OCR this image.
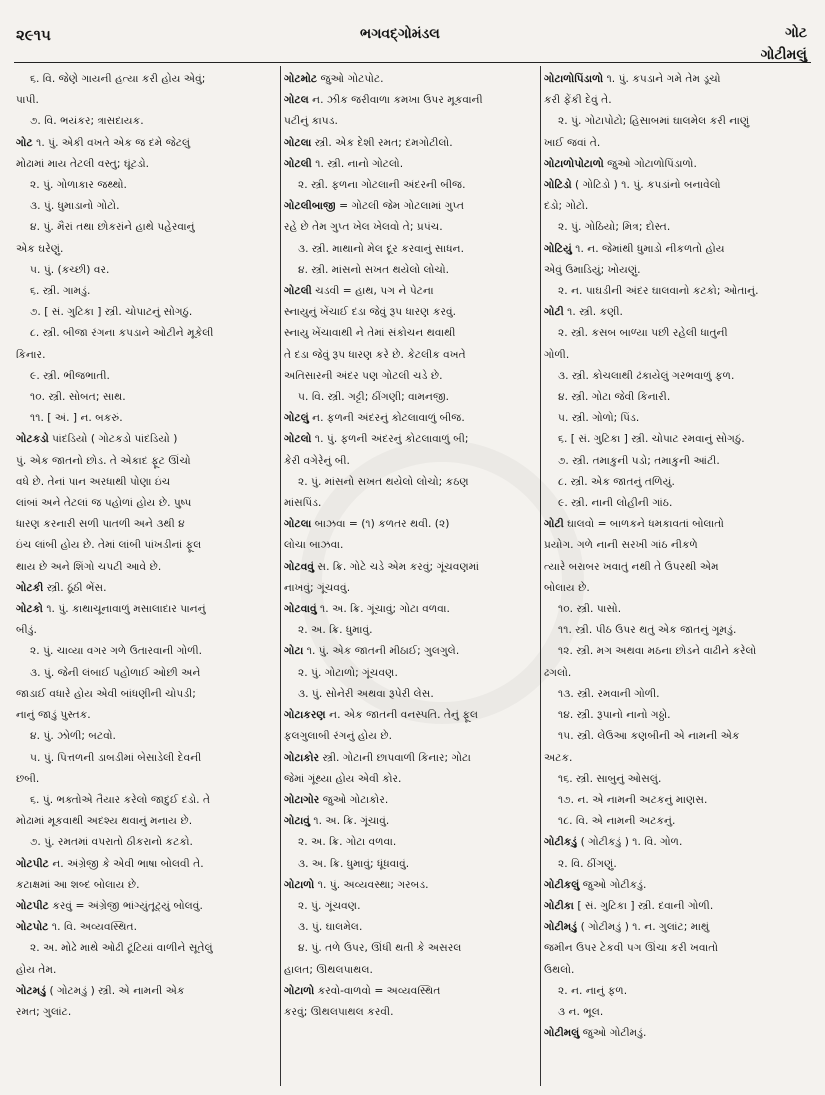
૨૯૧૫	ભગવદ્ગોમંડલ	ગોટ
ગોટીમલું
૬. વિ. જેણે ગાયની હત્યા કરી હોય એવું;
પાપી.
૭. વિ. ભયંકર; ત્રાસદાયક.
ગોટ ૧. પું. એકી વખતે એક જ દમે જેટલું
મોઢામાં માય તેટલી વસ્તુ; ઘૂંટડો.
૨. પું. ગોળાકાર જથ્થો.
૩. પું. ધુમાડાનો ગોટો.
૪. પું. મૈરાં તથા છોકરાંને હાથે પહેરવાનું
એક ઘરેણું.
૫. પું. (કચ્છી) વર.
૬. સ્ત્રી. ગામડું.
૭. [ સં. ગુટિકા ] સ્ત્રી. ચોપાટનું સોગઠું.
૮. સ્ત્રી. બીજા રંગના કપડાને ઓટીને મૂકેલી
કિનાર.
૯. સ્ત્રી. ભીજભાતી.
૧૦. સ્ત્રી. સોબત; સાથ.
૧૧. [ અં. ] ન. બકરું.
ગોટકડો પાંદડિયો ( ગોટકડો પાંદડિયો )
પું. એક જાતનો છોડ. તે એકાદ ફૂટ ઊંચો
વધે છે. તેનાં પાન અરધાથી પોણા ઇંચ
લાંબાં અને તેટલાં જ પહોળાં હોય છે. પુષ્પ
ધારણ કરનારી સળી પાતળી અને ૩થી ૪
ઇંચ લાંબી હોય છે. તેમાં લાંબી પાંખડીનાં ફૂલ
થાય છે અને શિંગો ચપટી આવે છે.
ગોટકી સ્ત્રી. ઠૂંઠી ભેંસ.
ગોટકો ૧. પું. કાથાચૂનાવાળું મસાલાદાર પાનનું
બીડું.
૨. પું. ચાવ્યા વગર ગળે ઉતારવાની ગોળી.
૩. પું. જેની લંબાઈ પહોળાઈ ઓછી અને
જાડાઈ વધારે હોય એવી બાંધણીની ચોપડી;
નાનું જાડું પુસ્તક.
૪. પું. ઝોળી; બટવો.
૫. પું. પિત્તળની ડાબડીમાં બેસાડેલી દેવની
છબી.
૬. પું. ભક્તોએ તૈયાર કરેલો જાદુઈ દડો. તે
મોઢામાં મૂકવાથી અદશ્ય થવાનું મનાય છે.
૭. પું. રમતમાં વપરાતો ઠીકરાનો કટકો.
ગોટપીટ ન. અંગ્રેજી કે એવી ભાષા બોલવી તે.
કટાક્ષમાં આ શબ્દ બોલાય છે.
ગોટપીટ કરવું = અંગ્રેજી ભાંગ્યુંતૂટ્યું બોલવું.
ગોટપોટ ૧. વિ. અવ્યવસ્થિત.
૨. અ. મોઢે માથે ઓઢી ટૂંટિયાં વાળીને સૂતેલું
હોય તેમ.
ગોટમડું ( ગોટમડું ) સ્ત્રી. એ નામની એક
રમત; ગુલાંટ.
ગોટમોટ જુઓ ગોટપોટ.
ગોટલ ન. ઝીક જરીવાળા કમખા ઉપર મૂકવાની
પટીનું કાપડ.
ગોટલા સ્ત્રી. એક દેશી રમત; દમગોટીલો.
ગોટલી ૧. સ્ત્રી. નાનો ગોટલો.
૨. સ્ત્રી. ફળના ગોટલાની અંદરની બીજ.
ગોટલીબાજી = ગોટલી જેમ ગોટલામાં ગુપ્ત
રહે છે તેમ ગુપ્ત ખેલ ખેલવો તે; પ્રપંચ.
૩. સ્ત્રી. માથાનો મેલ દૂર કરવાનું સાધન.
૪. સ્ત્રી. માંસનો સખત થયેલો લોચો.
ગોટલી ચડવી = હાથ, પગ ને પેટના
સ્નાયુનું ખેંચાઈ દડા જેવું રૂપ ધારણ કરવું.
સ્નાયુ ખેંચાવાથી ને તેમાં સંકોચન થવાથી
તે દડા જેવું રૂપ ધારણ કરે છે. કેટલીક વખતે
અતિસારની અંદર પણ ગોટલી ચડે છે.
૫. વિ. સ્ત્રી. ગટ્ટી; ઠીંગણી; વામનજી.
ગોટલું ન. ફળની અંદરનું કોટલાવાળું બીજ.
ગોટલો ૧. પું. ફળની અંદરનું કોટલાવાળું બી;
કેરી વગેરેનું બી.
૨. પું. માંસનો સખત થયેલો લોચો; કઠણ
માંસપિંડ.
ગોટલા બાઝવા = (૧) કળતર થવી. (૨)
લોચા બાઝવા.
ગોટવવું સ. ક્રિ. ગોટે ચડે એમ કરવું; ગૂંચવણમાં
નાખવું; ગૂંચવવું.
ગોટવાવું ૧. અ. ક્રિ. ગૂંચાવું; ગોટા વળવા.
૨. અ. ક્રિ. ધુમાવું.
ગોટા ૧. પું. એક જાતની મીઠાઈ; ગુલગુલે.
૨. પું. ગોટાળો; ગૂંચવણ.
૩. પું. સોનેરી અથવા રૂપેરી લેસ.
ગોટાકરણ ન. એક જાતની વનસ્પતિ. તેનું ફૂલ
ફલગુલાબી રંગનું હોય છે.
ગોટાકોર સ્ત્રી. ગોટાની છાપવાળી કિનાર; ગોટા
જેમાં ગૂંથ્યા હોય એવી કોર.
ગોટાગોર જુઓ ગોટાકોર.
ગોટાવું ૧. અ. ક્રિ. ગૂંચાવું.
૨. અ. ક્રિ. ગોટા વળવા.
૩. અ. ક્રિ. ધુમાવું; ધૂંધવાવું.
ગોટાળો ૧. પું. અવ્યવસ્થા; ગરબડ.
૨. પું. ગૂંચવણ.
૩. પું. ઘાલમેલ.
૪. પું. તળે ઉપર, ઊંધી થતી કે અસરલ
હાલત; ઊથલપાથલ.
ગોટાળો કરવો-વાળવો = અવ્યવસ્થિત
કરવું; ઊથલપાથલ કરવી.
ગોટાળોપિંડાળો ૧. પું. કપડાને ગમે તેમ ડૂચો
કરી ફેંકી દેવું તે.
૨. પું. ગોટાપોટો; હિસાબમાં ઘાલમેલ કરી નાણું
ખાઈ જવાં તે.
ગોટાળોપોટાળો જુઓ ગોટાળોપિંડાળો.
ગોટિડો ( ગોટિડો ) ૧. પું. કપડાંનો બનાવેલો
દડો; ગોટો.
૨. પું. ગોઠિયો; મિત્ર; દોસ્ત.
ગોટિયું ૧. ન. જેમાંથી ધુમાડો નીકળતો હોય
એવું ઉમાડિયું; ખોયણું.
૨. ન. પાઘડીની અંદર ઘાલવાનો કટકો; ઓતાનું.
ગોટી ૧. સ્ત્રી. કણી.
૨. સ્ત્રી. કસબ બાળ્યા પછી રહેલી ધાતુની
ગોળી.
૩. સ્ત્રી. કોચલાથી ઢંકાયેલું ગરભવાળું ફળ.
૪. સ્ત્રી. ગોટા જેવી કિનારી.
૫. સ્ત્રી. ગોળો; પિંડ.
૬. [ સં. ગુટિકા ] સ્ત્રી. ચોપાટ રમવાનું સોગઠું.
૭. સ્ત્રી. તમાકુની પડો; તમાકુની આંટી.
૮. સ્ત્રી. એક જાતનું તળિયું.
૯. સ્ત્રી. નાની લોહીની ગાંઠ.
ગોટી ઘાલવો = બાળકને ધમકાવતાં બોલાતો
પ્રયોગ. ગળે નાની સરખી ગાંઠ નીકળે
ત્યારે બરાબર ખવાતું નથી તે ઉપરથી એમ
બોલાય છે.
૧૦. સ્ત્રી. પાસો.
૧૧. સ્ત્રી. પીઠ ઉપર થતું એક જાતનું ગૂમડું.
૧૨. સ્ત્રી. મગ અથવા મઠના છોડને વાઢીને કરેલો
ઢગલો.
૧૩. સ્ત્રી. રમવાની ગોળી.
૧૪. સ્ત્રી. રૂપાનો નાનો ગઠ્ઠો.
૧૫. સ્ત્રી. લેઉઆ કણબીની એ નામની એક
અટક.
૧૬. સ્ત્રી. સાબુનું ઓસલું.
૧૭. ન. એ નામની અટકનું માણસ.
૧૮. વિ. એ નામની અટકનું.
ગોટીકડું ( ગોટીકડું ) ૧. વિ. ગોળ.
૨. વિ. ઠીંગણું.
ગોટીકલું જુઓ ગોટીકડું.
ગોટીકા [ સં. ગુટિકા ] સ્ત્રી. દવાની ગોળી.
ગોટીમડું ( ગોટીમડું ) ૧. ન. ગુલાંટ; માથું
જમીન ઉપર ટેકવી પગ ઊંચા કરી ખવાતો
ઉથલો.
૨. ન. નાનું ફળ.
૩ ન. ભૂલ.
ગોટીમલું જુઓ ગોટીમડું.
